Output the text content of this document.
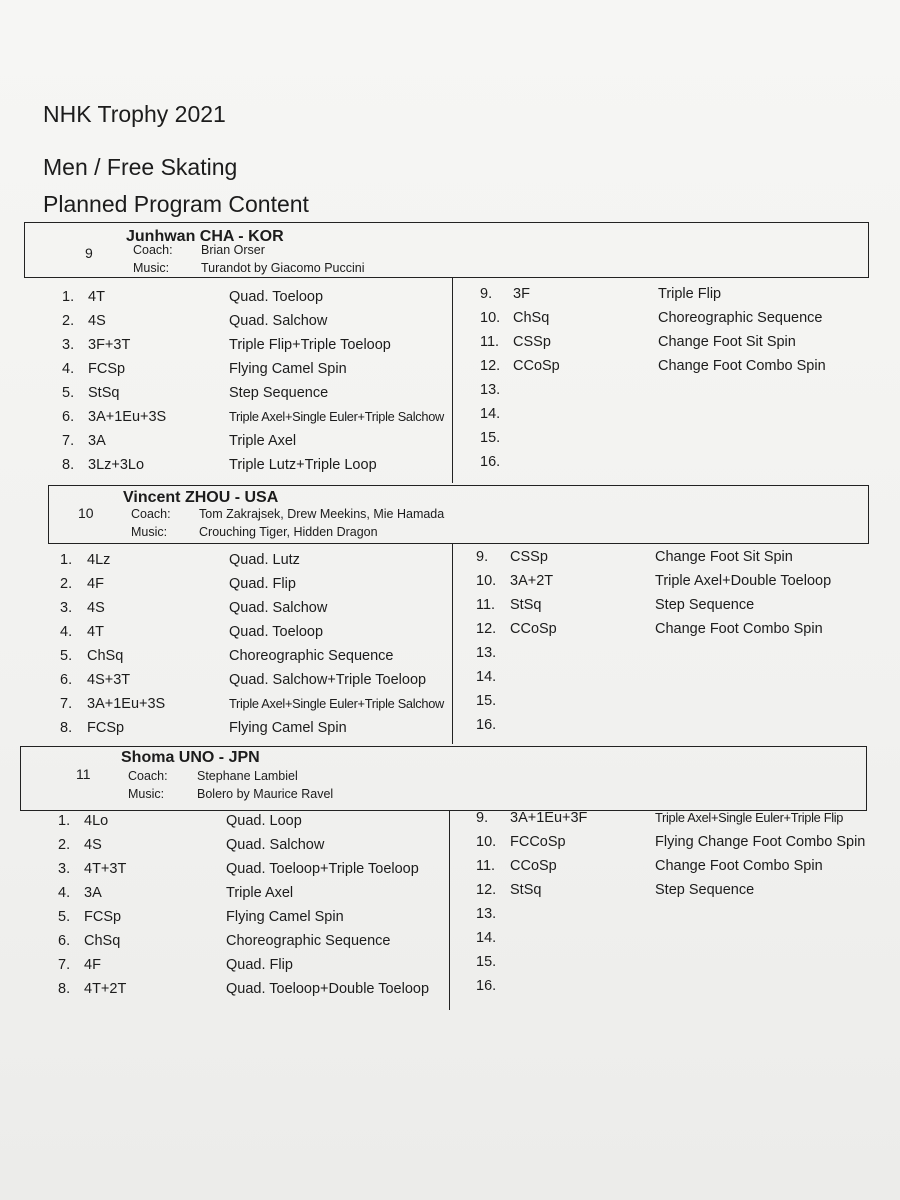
NHK Trophy 2021
Men / Free Skating
Planned Program Content
Junhwan CHA - KOR
9	Coach: Brian Orser
Music:	Turandot by Giacomo Puccini
1. 4T	Quad. Toeloop
2. 4S	Quad. Salchow
3. 3F+3T	Triple Flip+Triple Toeloop
4. FCSp	Flying Camel Spin
5. StSq	Step Sequence
6. 3A+1Eu+3S	Triple Axel+Single Euler+Triple Salchow
7. 3A	Triple Axel
8. 3Lz+3Lo	Triple Lutz+Triple Loop
9. 3F	Triple Flip
10. ChSq	Choreographic Sequence
11. CSSp	Change Foot Sit Spin
12. CCoSp	Change Foot Combo Spin
13.
14.
15.
16.
Vincent ZHOU - USA
10	Coach: Tom Zakrajsek, Drew Meekins, Mie Hamada
Music:	Crouching Tiger, Hidden Dragon
1. 4Lz	Quad. Lutz
2. 4F	Quad. Flip
3. 4S	Quad. Salchow
4. 4T	Quad. Toeloop
5. ChSq	Choreographic Sequence
6. 4S+3T	Quad. Salchow+Triple Toeloop
7. 3A+1Eu+3S	Triple Axel+Single Euler+Triple Salchow
8. FCSp	Flying Camel Spin
9. CSSp	Change Foot Sit Spin
10. 3A+2T	Triple Axel+Double Toeloop
11. StSq	Step Sequence
12. CCoSp	Change Foot Combo Spin
13.
14.
15.
16.
Shoma UNO - JPN
11	Coach: Stephane Lambiel
Music:	Bolero by Maurice Ravel
1. 4Lo	Quad. Loop
2. 4S	Quad. Salchow
3. 4T+3T	Quad. Toeloop+Triple Toeloop
4. 3A	Triple Axel
5. FCSp	Flying Camel Spin
6. ChSq	Choreographic Sequence
7. 4F	Quad. Flip
8. 4T+2T	Quad. Toeloop+Double Toeloop
9. 3A+1Eu+3F	Triple Axel+Single Euler+Triple Flip
10. FCCoSp	Flying Change Foot Combo Spin
11. CCoSp	Change Foot Combo Spin
12. StSq	Step Sequence
13.
14.
15.
16.
